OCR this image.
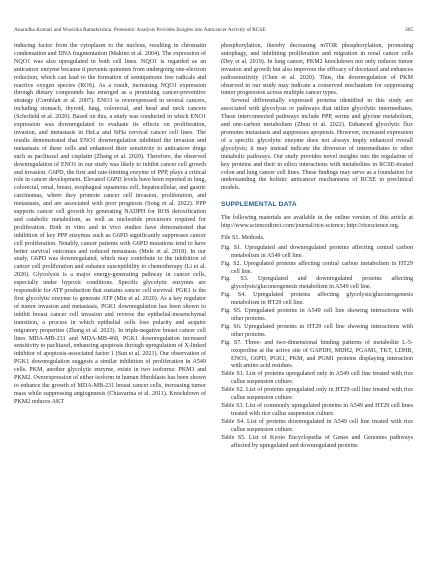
Anuradha Kumari and Wusirika Ramakrishna. Proteomic Analysis Provides Insights into Anticancer Activity of RCSE	305

inducing factor from the cytoplasm to the nucleus, resulting in chromatin condensation and DNA fragmentation (Makino et al. 2004). The expression of NQO1 was also upregulated in both cell lines. NQO1 is regarded as an anticancer enzyme because it prevents quinones from undergoing one-electron reduction, which can lead to the formation of semiquinone free radicals and reactive oxygen species (ROS). As a result, increasing NQO1 expression through dietary compounds has emerged as a promising cancer-preventive strategy (Cornblatt et al. 2007). ENO1 is overexpressed in several cancers, including stomach, thyroid, lung, colorectal, and head and neck cancers (Schofield et al. 2020). Based on this, a study was conducted in which ENO1 expression was downregulated to evaluate its effects on proliferation, invasion, and metastasis in HeLa and SiHa cervical cancer cell lines. The results demonstrated that ENO1 downregulation inhibited the invasion and metastasis of these cells and enhanced their sensitivity to anticancer drugs such as paclitaxel and cisplatin (Zhang et al. 2020). Therefore, the observed downregulation of ENO1 in our study was likely to inhibit cancer cell growth and invasion. G6PD, the first and rate-limiting enzyme of PPP, plays a critical role in cancer development. Elevated G6PD levels have been reported in lung, colorectal, renal, breast, esophageal squamous cell, hepatocellular, and gastric carcinomas, where they promote cancer cell invasion, proliferation, and metastasis, and are associated with poor prognosis (Song et al. 2022). PPP supports cancer cell growth by generating NADPH for ROS detoxification and catabolic metabolism, as well as nucleotide precursors required for proliferation. Both in vitro and in vivo studies have demonstrated that inhibition of key PPP enzymes such as G6PD significantly suppresses cancer cell proliferation. Notably, cancer patients with G6PD mutations tend to have better survival outcomes and reduced metastasis (Mele et al. 2018). In our study, G6PD was downregulated, which may contribute to the inhibition of cancer cell proliferation and enhance susceptibility to chemotherapy (Li et al. 2020). Glycolysis is a major energy-generating pathway in cancer cells, especially under hypoxic conditions. Specific glycolytic enzymes are responsible for ATP production that sustains cancer cell survival. PGK1 is the first glycolytic enzyme to generate ATP (Min et al. 2020). As a key regulator of tumor invasion and metastasis, PGK1 downregulation has been shown to inhibit breast cancer cell invasion and reverse the epithelial-mesenchymal transition, a process in which epithelial cells lose polarity and acquire migratory properties (Zhang et al. 2023). In triple-negative breast cancer cell lines MDA-MB-231 and MDA-MB-468, PGK1 downregulation increased sensitivity to paclitaxel, enhancing apoptosis through upregulation of X-linked inhibitor of apoptosis-associated factor 1 (Sun et al. 2021). Our observation of PGK1 downregulation suggests a similar inhibition of proliferation in A549 cells. PKM, another glycolytic enzyme, exists in two isoforms: PKM1 and PKM2. Overexpression of either isoform in human fibroblasts has been shown to enhance the growth of MDA-MB-231 breast cancer cells, increasing tumor mass while suppressing angiogenesis (Chiavarina et al. 2011). Knockdown of PKM2 reduces AKT

phosphorylation, thereby decreasing mTOR phosphorylation, promoting autophagy, and inhibiting proliferation and migration in renal cancer cells (Dey et al. 2019). In lung cancer, PKM2 knockdown not only reduces tumor invasion and growth but also improves the efficacy of docetaxel and enhances radiosensitivity (Chen et al. 2020). Thus, the downregulation of PKM observed in our study may indicate a conserved mechanism for suppressing tumor progression across multiple cancer types.

Several differentially expressed proteins identified in this study are associated with glycolysis or pathways that utilize glycolytic intermediates. These interconnected pathways include PPP, serine and glycine metabolism, and one-carbon metabolism (Zhou et al. 2022). Enhanced glycolytic flux promotes metastasis and suppresses apoptosis. However, increased expression of a specific glycolytic enzyme does not always imply enhanced overall glycolysis; it may instead indicate the diversion of intermediates to other metabolic pathways. Our study provides novel insights into the regulation of key proteins and their in silico interactions with metabolites in RCSE-treated colon and lung cancer cell lines. These findings may serve as a foundation for understanding the holistic anticancer mechanisms of RCSE in preclinical models.

SUPPLEMENTAL DATA

The following materials are available in the online version of this article at http://www.sciencedirect.com/journal/rice-science; http://ricescience.org.

File S1. Methods.

Fig. S1. Upregulated and downregulated proteins affecting central carbon metabolism in A549 cell line.

Fig. S2. Upregulated proteins affecting central carbon metabolism in HT29 cell line.

Fig. S3. Upregulated and downregulated proteins affecting glycolysis/gluconeogenesis metabolism in A549 cell line.

Fig. S4. Upregulated proteins affecting glycolysis/gluconeogenesis metabolism in HT29 cell line.

Fig. S5. Upregulated proteins in A549 cell line showing interactions with other proteins.

Fig. S6. Upregulated proteins in HT29 cell line showing interactions with other proteins.

Fig. S7. Three- and two-dimensional binding patterns of metabolite L-5-oxoproline at the active site of GAPDH, MDH2, PGAM1, TKT, LDHB, ENO1, G6PD, PGK1, PKM, and PGM1 proteins displaying interaction with amino acid residues.

Table S1. List of proteins upregulated only in A549 cell line treated with rice callus suspension culture.

Table S2. List of proteins upregulated only in HT29 cell line treated with rice callus suspension culture.

Table S3. List of commonly upregulated proteins in A549 and HT29 cell lines treated with rice callus suspension culture.

Table S4. List of proteins downregulated in A549 cell line treated with rice callus suspension culture.

Table S5. List of Kyoto Encyclopedia of Genes and Genomes pathways affected by upregulated and downregulated proteins
